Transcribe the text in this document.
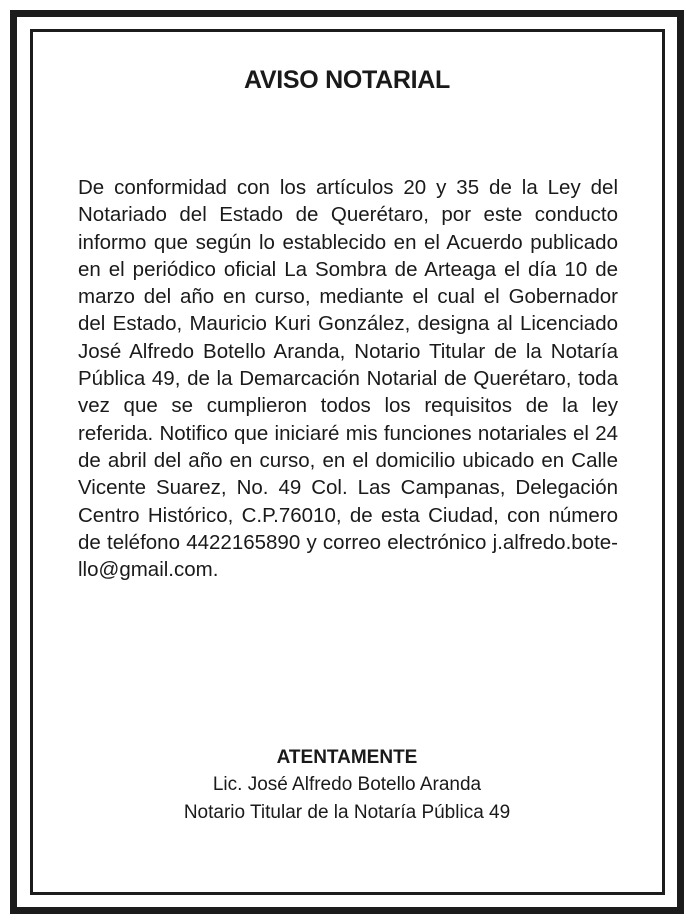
AVISO NOTARIAL

De conformidad con los artículos 20 y 35 de la Ley del Notariado del Estado de Querétaro, por este conducto informo que según lo establecido en el Acuerdo publicado en el periódico oficial La Sombra de Arteaga el día 10 de marzo del año en curso, mediante el cual el Gobernador del Estado, Mauricio Kuri González, designa al Licenciado José Alfredo Botello Aranda, Notario Titular de la Notaría Pública 49, de la Demarcación Notarial de Querétaro, toda vez que se cumplieron todos los requisitos de la ley referida. Notifico que iniciaré mis funciones notariales el 24 de abril del año en curso, en el domicilio ubicado en Calle Vicente Suarez, No. 49 Col. Las Campanas, Delegación Centro Histórico, C.P.76010, de esta Ciudad, con número de teléfono 4422165890 y correo electrónico j.alfredo.botello@gmail.com.

ATENTAMENTE
Lic. José Alfredo Botello Aranda
Notario Titular de la Notaría Pública 49
